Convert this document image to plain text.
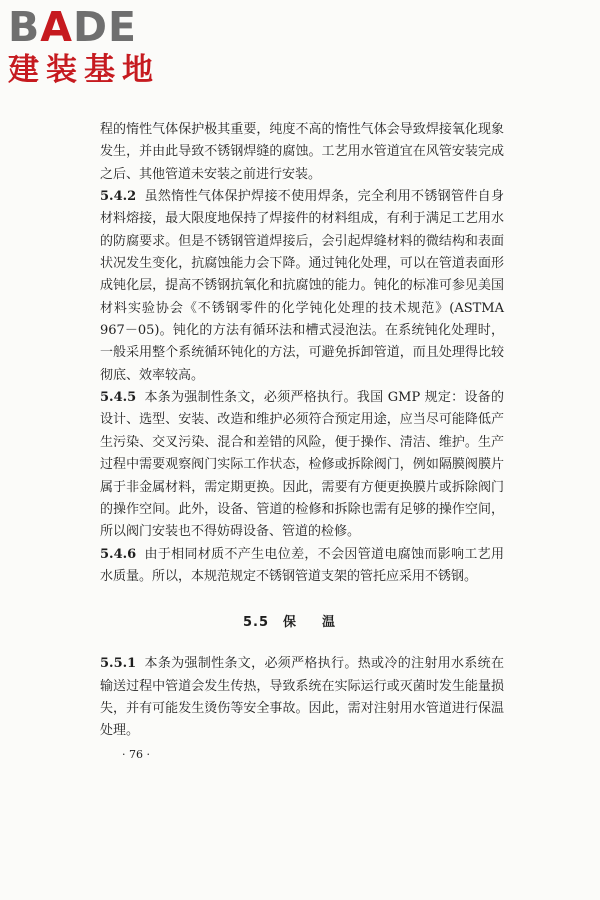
BADE
建装基地

程的惰性气体保护极其重要，纯度不高的惰性气体会导致焊接氧化现象发生，并由此导致不锈钢焊缝的腐蚀。工艺用水管道宜在风管安装完成之后、其他管道未安装之前进行安装。

5.4.2 虽然惰性气体保护焊接不使用焊条，完全利用不锈钢管件自身材料熔接，最大限度地保持了焊接件的材料组成，有利于满足工艺用水的防腐要求。但是不锈钢管道焊接后，会引起焊缝材料的微结构和表面状况发生变化，抗腐蚀能力会下降。通过钝化处理，可以在管道表面形成钝化层，提高不锈钢抗氧化和抗腐蚀的能力。钝化的标准可参见美国材料实验协会《不锈钢零件的化学钝化处理的技术规范》(ASTMA 967－05)。钝化的方法有循环法和槽式浸泡法。在系统钝化处理时，一般采用整个系统循环钝化的方法，可避免拆卸管道，而且处理得比较彻底、效率较高。

5.4.5 本条为强制性条文，必须严格执行。我国 GMP 规定：设备的设计、选型、安装、改造和维护必须符合预定用途，应当尽可能降低产生污染、交叉污染、混合和差错的风险，便于操作、清洁、维护。生产过程中需要观察阀门实际工作状态，检修或拆除阀门，例如隔膜阀膜片属于非金属材料，需定期更换。因此，需要有方便更换膜片或拆除阀门的操作空间。此外，设备、管道的检修和拆除也需有足够的操作空间，所以阀门安装也不得妨碍设备、管道的检修。

5.4.6 由于相同材质不产生电位差，不会因管道电腐蚀而影响工艺用水质量。所以，本规范规定不锈钢管道支架的管托应采用不锈钢。

5.5 保温

5.5.1 本条为强制性条文，必须严格执行。热或冷的注射用水系统在输送过程中管道会发生传热，导致系统在实际运行或灭菌时发生能量损失，并有可能发生烫伤等安全事故。因此，需对注射用水管道进行保温处理。

· 76 ·
